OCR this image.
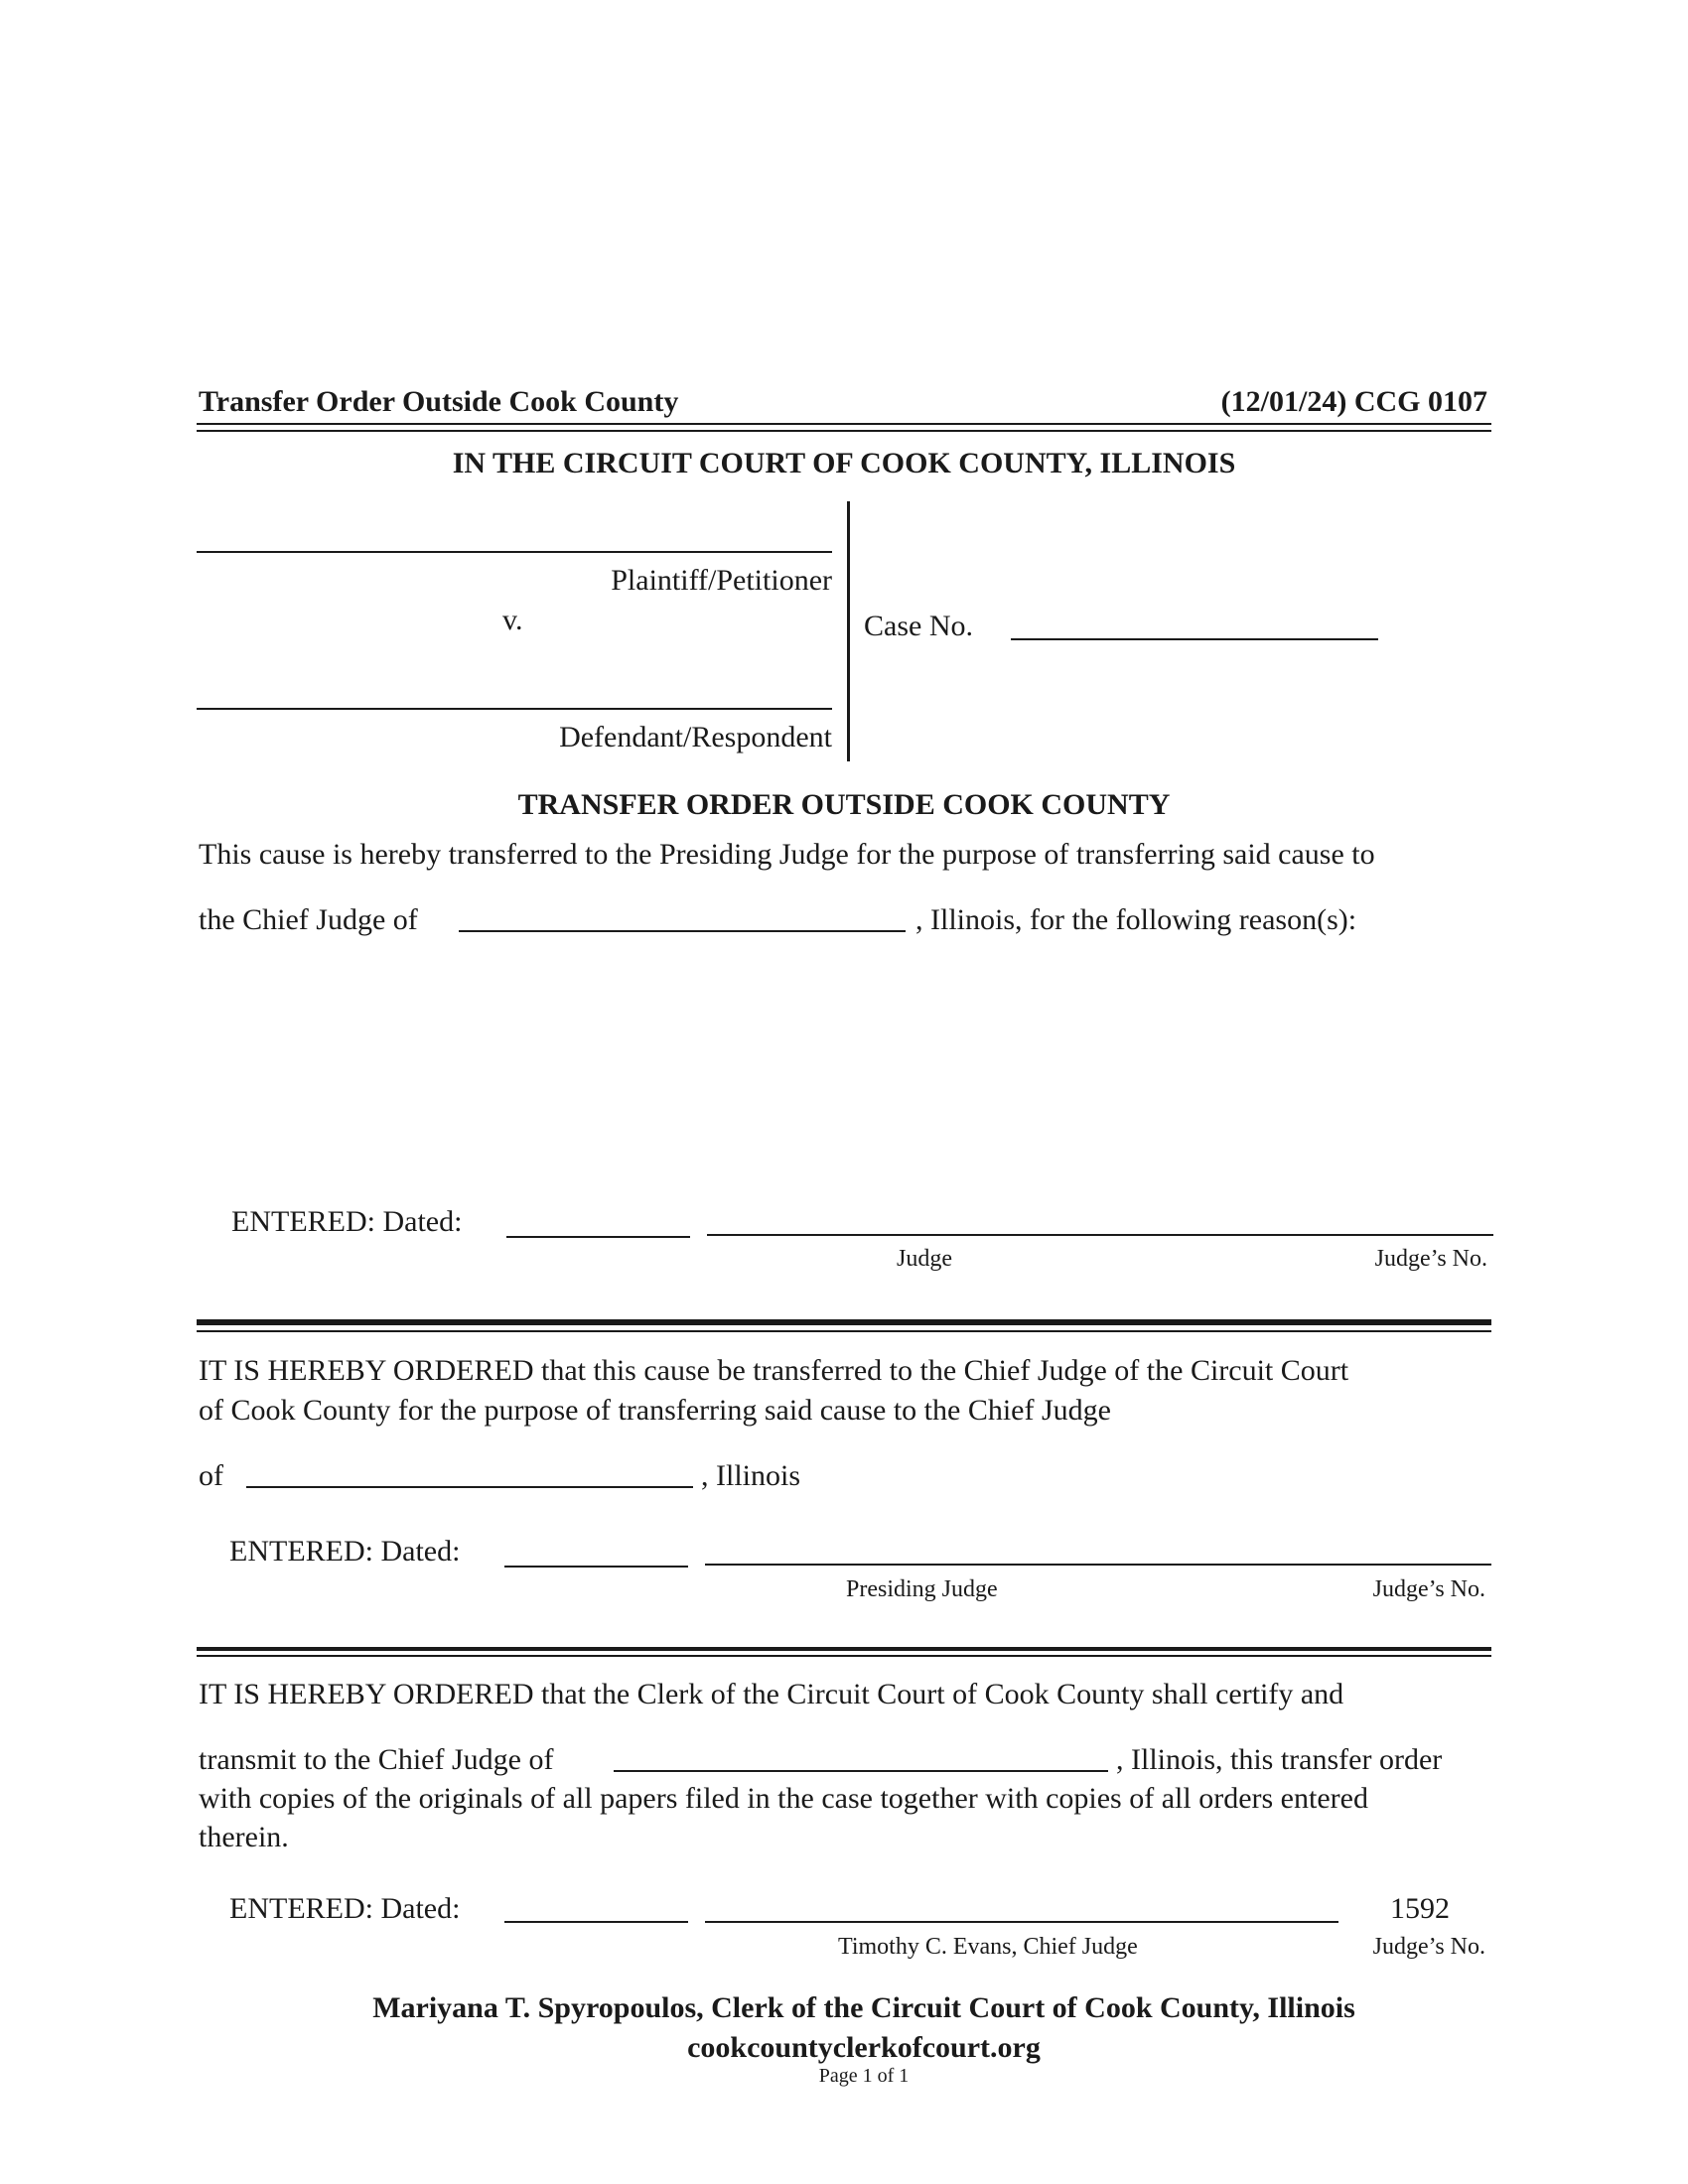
Transfer Order Outside Cook County	(12/01/24) CCG 0107
IN THE CIRCUIT COURT OF COOK COUNTY, ILLINOIS
Plaintiff/Petitioner
v.
Defendant/Respondent
Case No.
TRANSFER ORDER OUTSIDE COOK COUNTY
This cause is hereby transferred to the Presiding Judge for the purpose of transferring said cause to
the Chief Judge of	, Illinois, for the following reason(s):
ENTERED: Dated:
Judge	Judge’s No.
IT IS HEREBY ORDERED that this cause be transferred to the Chief Judge of the Circuit Court
of Cook County for the purpose of transferring said cause to the Chief Judge
of	, Illinois
ENTERED: Dated:
Presiding Judge	Judge’s No.
IT IS HEREBY ORDERED that the Clerk of the Circuit Court of Cook County shall certify and
transmit to the Chief Judge of	, Illinois, this transfer order
with copies of the originals of all papers filed in the case together with copies of all orders entered
therein.
ENTERED: Dated:	1592
Timothy C. Evans, Chief Judge	Judge’s No.
Mariyana T. Spyropoulos, Clerk of the Circuit Court of Cook County, Illinois
cookcountyclerkofcourt.org
Page 1 of 1
